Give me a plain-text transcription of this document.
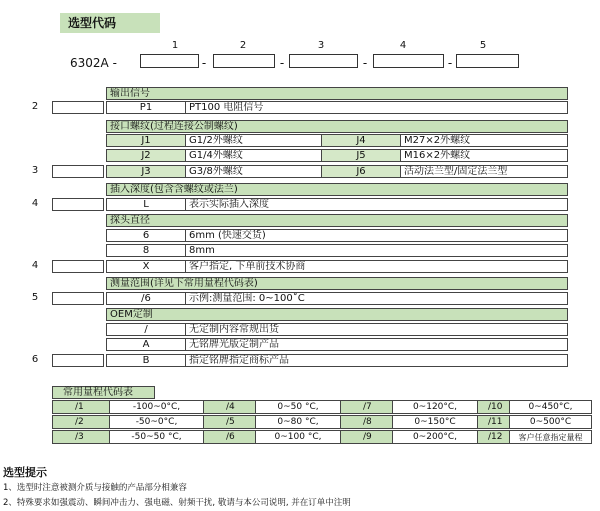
选型代码
6302A -
1	2	3	4	5
-	-	-	-
输出信号
2	P1	PT100 电阻信号
接口螺纹(过程连接公制螺纹)
J1	G1/2外螺纹	J4	M27×2外螺纹
J2	G1/4外螺纹	J5	M16×2外螺纹
3	J3	G3/8外螺纹	J6	活动法兰型/固定法兰型
插入深度(包含含螺纹或法兰)
4	L	表示实际插入深度
探头直径
6	6mm (快速交货)
8	8mm
4	X	客户指定, 下单前技术协商
测量范围(详见下常用量程代码表)
5	/6	示例:测量范围: 0~100˚C
OEM定制
/	无定制内容常规出货
A	无铭牌光版定制产品
6	B	指定铭牌指定商标产品
常用量程代码表
/1	-100~0°C,	/4	0~50 °C,	/7	0~120°C,	/10	0~450°C,
/2	-50~0°C,	/5	0~80 °C,	/8	0~150°C	/11	0~500°C
/3	-50~50 °C,	/6	0~100 °C,	/9	0~200°C,	/12	客户任意指定量程
选型提示
1、选型时注意被测介质与接触的产品部分相兼容
2、特殊要求如强震动、瞬间冲击力、强电磁、射频干扰, 敬请与本公司说明, 并在订单中注明
